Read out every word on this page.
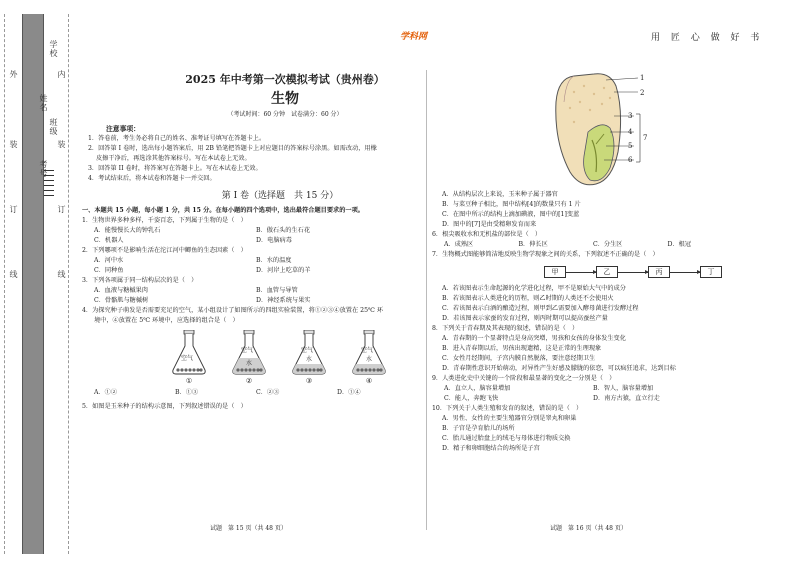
外
学校
内
姓名
装
班级
装
考号
订	订
线	线
学科网	用 匠 心 做 好 书
2025 年中考第一次模拟考试（贵州卷）
生物
（考试时间：60 分钟　试卷满分：60 分）
注意事项：
1．答卷前，考生务必将自己的姓名、准考证号填写在答题卡上。
2．回答第 I 卷时，选出每小题答案后，用 2B 铅笔把答题卡上对应题目的答案标号涂黑。如需改动，用橡
皮擦干净后，再选涂其他答案标号。写在本试卷上无效。
3．回答第 II 卷时，将答案写在答题卡上。写在本试卷上无效。
4．考试结束后，将本试卷和答题卡一并交回。
第 I 卷（选择题　共 15 分）
一、本题共 15 小题，每小题 1 分，共 15 分。在每小题的四个选项中，选出最符合题目要求的一项。
1．生物世界多种多样，千姿百态，下列属于生物的是（　）
A．能慢慢长大的钟乳石	B．傲石头的生石花
C．机器人	D．电脑病毒
2．下列哪项不是影响生活在沱江河中鲫鱼的生态因素（　）
A．河中水	B．水的温度
C．同种鱼	D．河岸上吃草的羊
3．下列各项属于同一结构层次的是（　）
A．血液与糖槭果肉	B．血管与导管
C．骨骼肌与糖槭树	D．神经系统与果实
4．为探究种子萌发是否需要充足的空气，某小组设计了如图所示的四组实验装置，将①②③④放置在 25℃ 环
境中，④放置在 5℃ 环境中，应选择的组合是（　）
空气
①
空气
水
②
空气
水
③
空气
水
④
A．①②	B．①③	C．②③	D．①④
5．如图是玉米种子的结构示意图，下列叙述错误的是（　）
1
2
3
4
5
6
7
A．从结构层次上来说，玉米种子属于器官
B．与菜豆种子相比，图中结构[4]的数量只有 1 片
C．在图中所示的结构上滴加碘液，图中的[1]变蓝
D．图中的[7]是由受精卵发育而来
6．根尖吸收水和无机盐的部位是（　）
A．成熟区	B．伸长区	C．分生区	D．根冠
7．生物概式图能够简洁地反映生物学现象之间的关系，下列叙述不正确的是（　）
甲	乙	丙	丁
A．若该图表示生命起源的化学进化过程，甲不是原始大气中的成分
B．若该图表示人类进化的历程，则乙时期的人类还不会使用火
C．若该图表示白酒的酿造过程，则甲到乙需要加入酵母菌进行发酵过程
D．若该图表示家蚕的发育过程，则丙时期可以提高蚕丝产量
8．下列关于青春期及其表现的叙述，错误的是（　）
A．青春期的一个显著特点是身高突增，男孩和女孩的身体发生变化
B．进入青春期以后，男孩出现遗精，这是正常的生理现象
C．女性月经期间，子宫内膜自然脱落，要注意经期卫生
D．青春期性意识开始萌动，对异性产生好感及朦胧的依恋，可以疯狂追求，达到目标
9．人类进化史中关键的一个阶段和最显著的变化之一分别是（　）
A．直立人，脑容量增加	B．智人，脑容量增加
C．能人，奔跑飞快	D．南方古猿，直立行走
10．下列关于人类生殖和发育的叙述，错误的是（　）
A．男性、女性的主要生殖器官分别是睾丸和卵巢
B．子宫是孕育胎儿的场所
C．胎儿通过胎盘上的绒毛与母体进行物质交换
D．精子和卵细胞结合的场所是子宫
试题　第 15 页（共 48 页）	试题　第 16 页（共 48 页）
